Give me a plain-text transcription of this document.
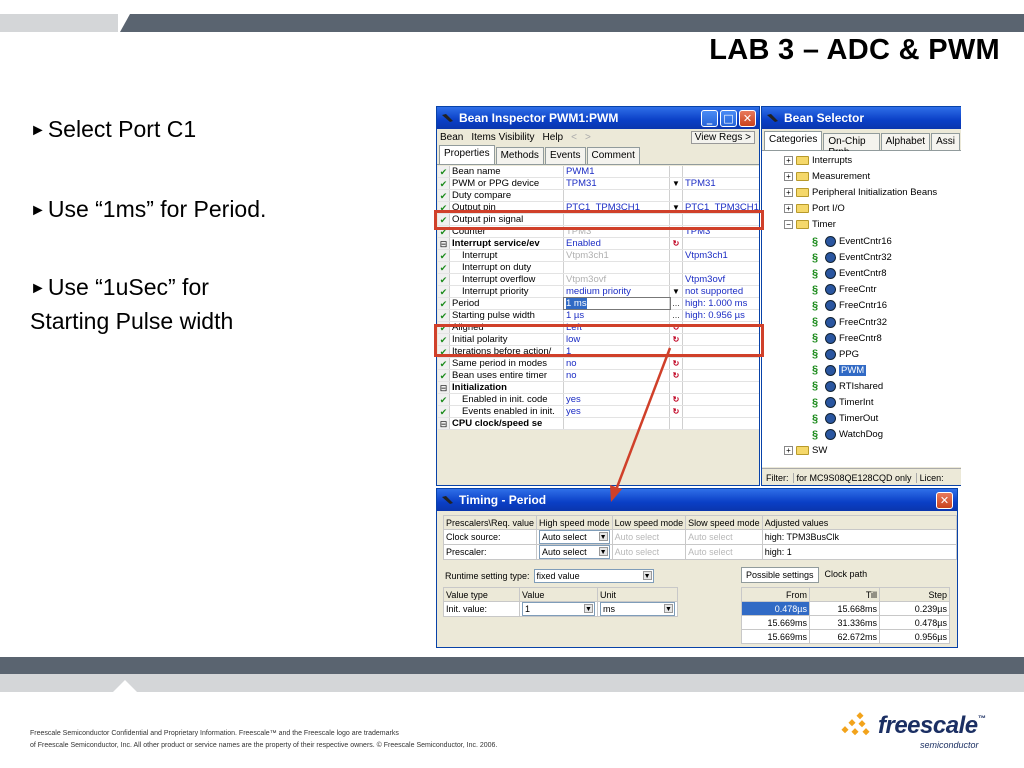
LAB 3 – ADC & PWM
►Select Port C1
►Use “1ms” for Period.
►Use “1uSec” for
Starting Pulse width
Bean Inspector PWM1:PWM	_	□ ✕
Bean Items Visibility Help < >	View Regs >
Properties	Methods	Events	Comment
✔ Bean name	PWM1
✔ PWM or PPG device	TPM31	▼ TPM31
✔ Duty compare
✔ Output pin	PTC1_TPM3CH1	▼ PTC1_TPM3CH1
✔ Output pin signal
✔ Counter	TPM3	TPM3
⊟ Interrupt service/ev	Enabled	↻
✔	Interrupt	Vtpm3ch1	Vtpm3ch1
✔	Interrupt on duty
✔	Interrupt overflow	Vtpm3ovf	Vtpm3ovf
✔	Interrupt priority	medium priority	▼ not supported
✔ Period	1 ms	… high: 1.000 ms
✔ Starting pulse width	1 µs	… high: 0.956 µs
✔ Aligned	Left	↻
✔ Initial polarity	low	↻
✔ Iterations before action/	1
✔ Same period in modes	no	↻
✔ Bean uses entire timer	no	↻
⊟ Initialization
✔	Enabled in init. code	yes	↻
✔	Events enabled in init.	yes	↻
⊟ CPU clock/speed se
Bean Selector
Categories	On-Chip	Alphabet	Assi
+ Interrupts
+ Measurement
+ Peripheral Initialization Beans
+ Port I/O
− Timer
§	EventCntr16
§	EventCntr32
§	EventCntr8
§	FreeCntr
§	FreeCntr16
§	FreeCntr32
§	FreeCntr8
§	PPG
§	PWM
§	RTIshared
§	TimerInt
§	TimerOut
§	WatchDog
+ SW
Filter: for MC9S08QE128CQD only Licen:
Timing - Period	✕
Prescalers\Req. value	High speed mode	Low speed mode	Slow speed mode	Adjusted values
Clock source:	Auto select ▼	Auto select	Auto select	high: TPM3BusClk
Prescaler:	Auto select ▼	Auto select	Auto select	high: 1
Runtime setting type: fixed value	▼
Value type	Value	Unit
Init. value:	1 ▼	ms ▼
Possible settings	Clock path
From	Till	Step
0.478µs	15.668ms	0.239µs
15.669ms	31.336ms	0.478µs
15.669ms	62.672ms	0.956µs
Freescale Semiconductor Confidential and Proprietary Information. Freescale™ and the Freescale logo are trademarks
of Freescale Semiconductor, Inc. All other product or service names are the property of their respective owners. © Freescale Semiconductor, Inc. 2006.
freescale™
semiconductor
